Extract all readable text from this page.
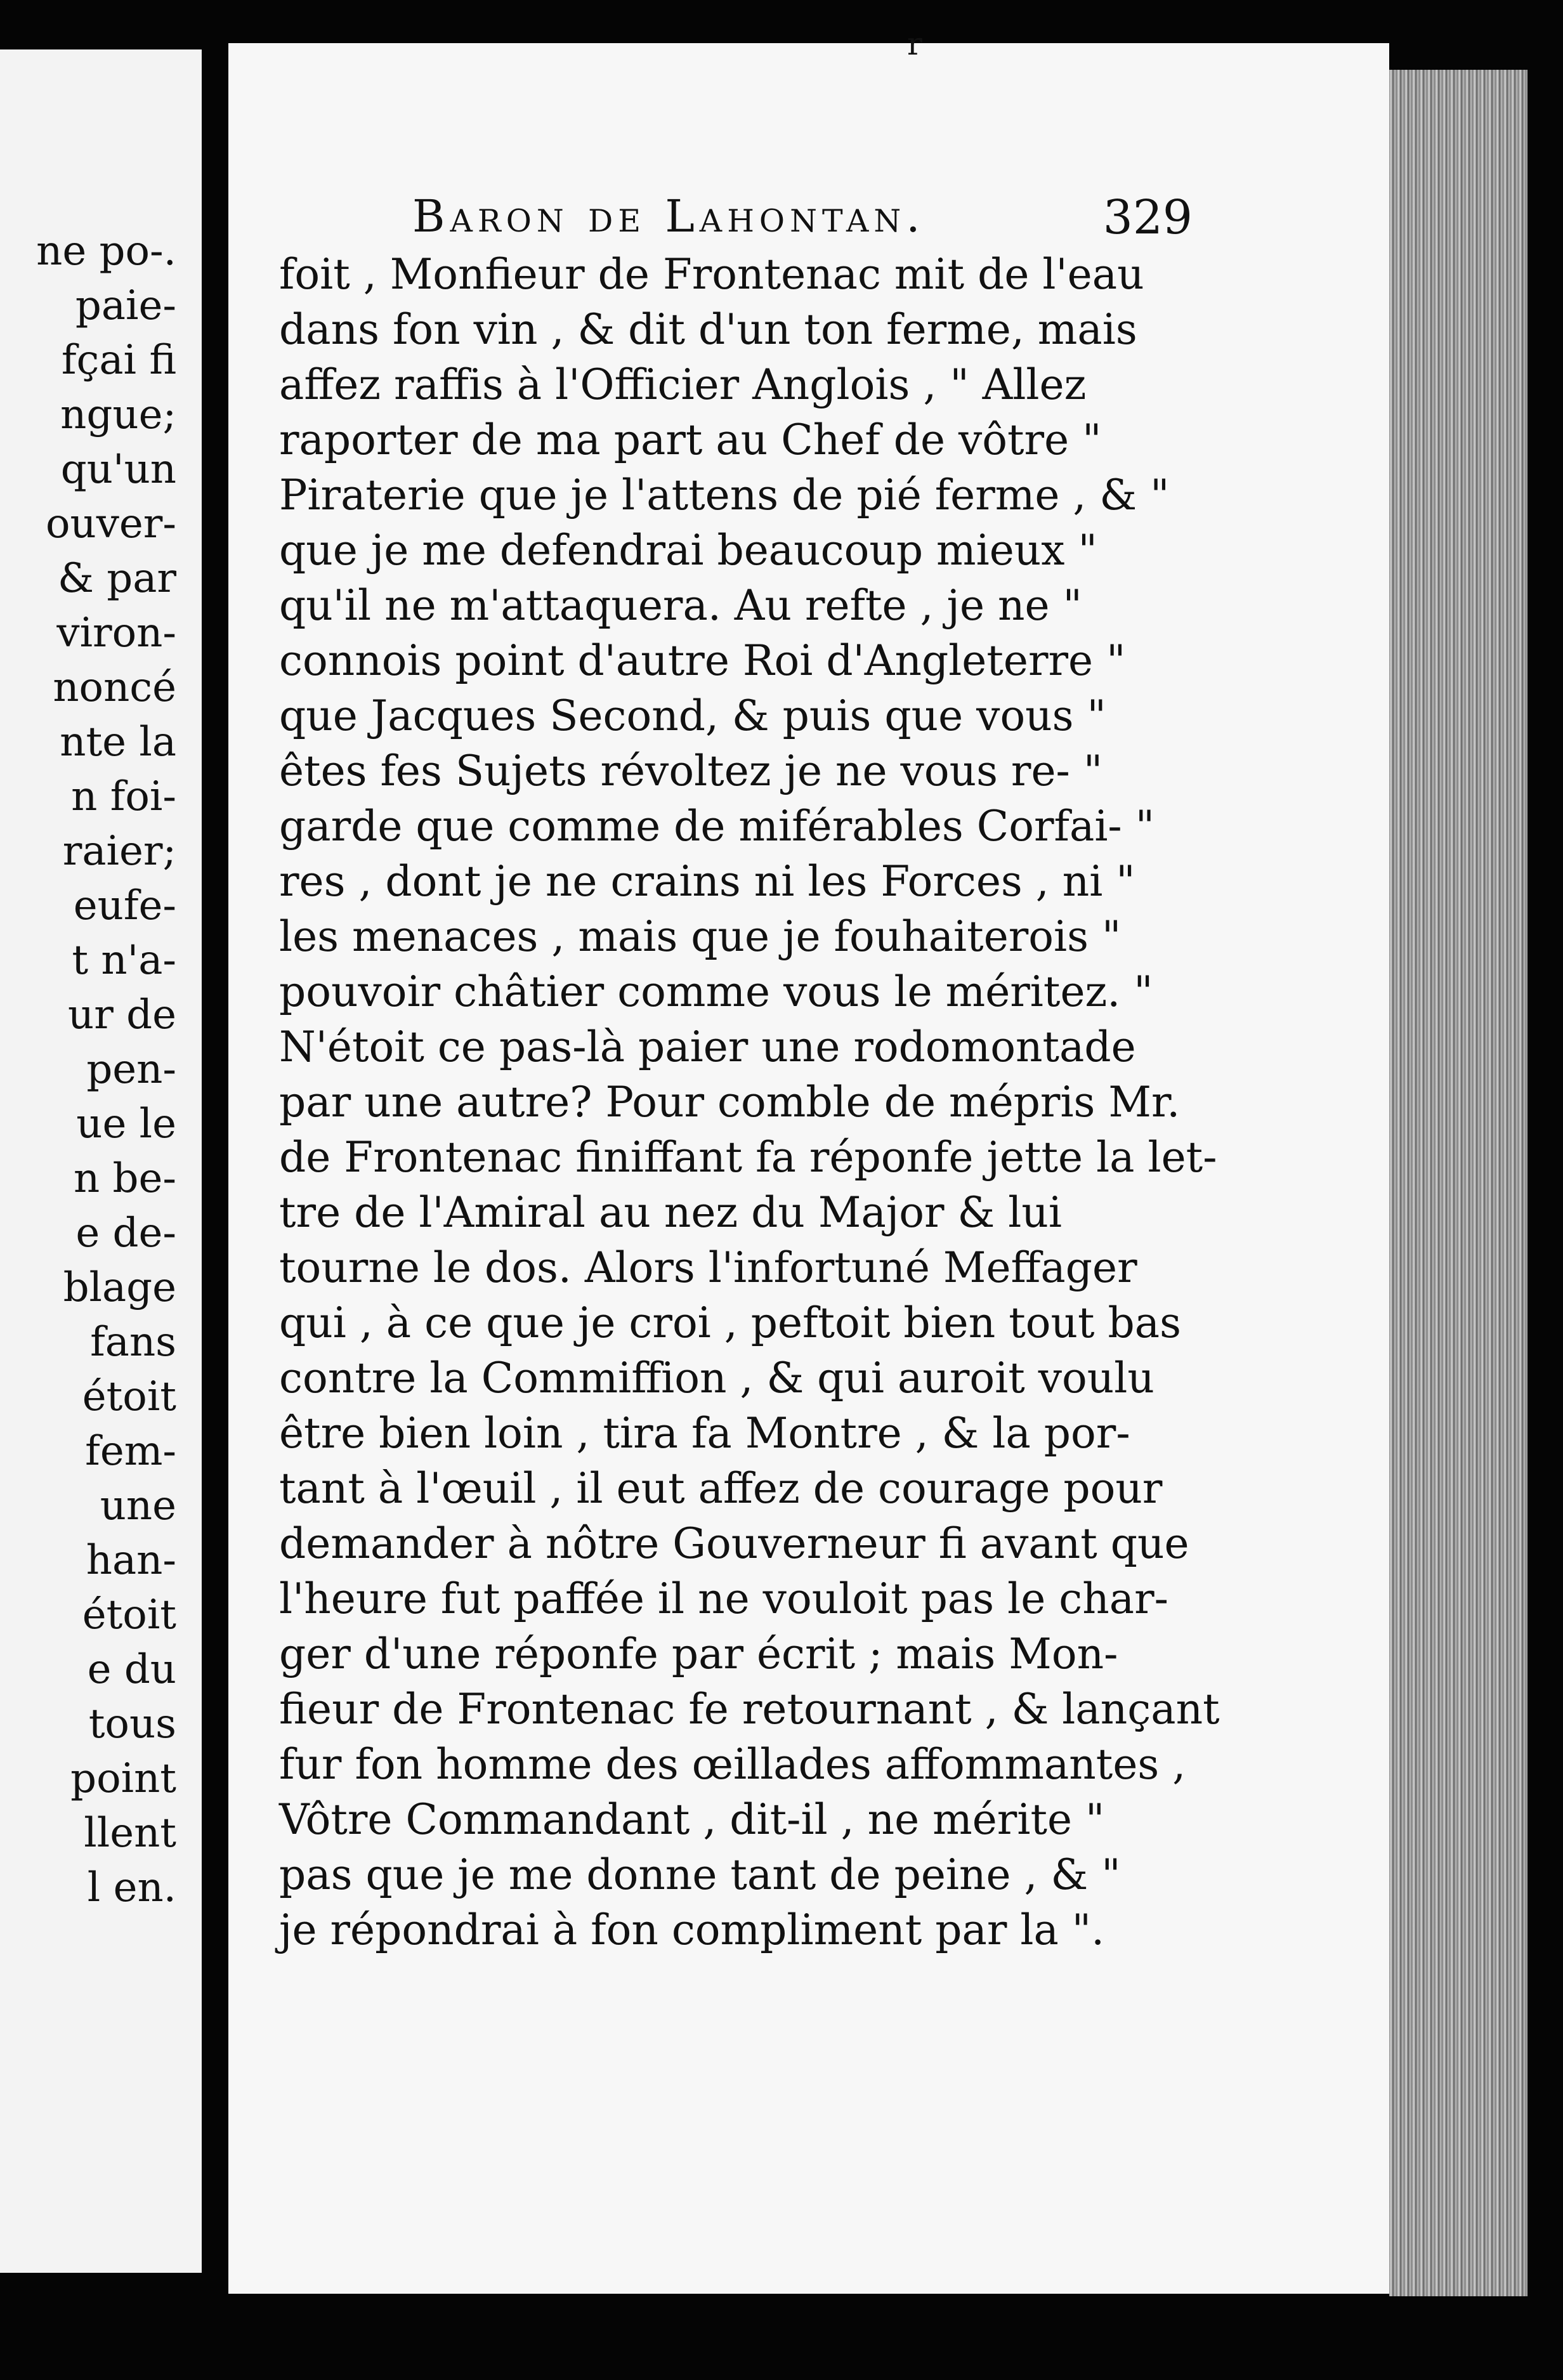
ne po-.
paie-
fçai fi
ngue;
qu'un
ouver-
& par
viron-
noncé
nte la
n foi-
raier;
eufe-
t n'a-
ur de
pen-
ue le
n be-
e de-
blage
fans
étoit
fem-
une
han-
étoit
e du
tous
point
llent
l en.
r
Baron de Lahontan.	329
foit , Monfieur de Frontenac mit de l'eau
dans fon vin , & dit d'un ton ferme, mais
affez raffis à l'Officier Anglois , " Allez
raporter de ma part au Chef de vôtre "
Piraterie que je l'attens de pié ferme , & "
que je me defendrai beaucoup mieux "
qu'il ne m'attaquera. Au refte , je ne "
connois point d'autre Roi d'Angleterre "
que Jacques Second, & puis que vous "
êtes fes Sujets révoltez je ne vous re- "
garde que comme de miférables Corfai- "
res , dont je ne crains ni les Forces , ni "
les menaces , mais que je fouhaiterois "
pouvoir châtier comme vous le méritez. "
N'étoit ce pas-là paier une rodomontade
par une autre? Pour comble de mépris Mr.
de Frontenac finiffant fa réponfe jette la let-
tre de l'Amiral au nez du Major & lui
tourne le dos. Alors l'infortuné Meffager
qui , à ce que je croi , peftoit bien tout bas
contre la Commiffion , & qui auroit voulu
être bien loin , tira fa Montre , & la por-
tant à l'œuil , il eut affez de courage pour
demander à nôtre Gouverneur fi avant que
l'heure fut paffée il ne vouloit pas le char-
ger d'une réponfe par écrit ; mais Mon-
fieur de Frontenac fe retournant , & lançant
fur fon homme des œillades affommantes ,
Vôtre Commandant , dit-il , ne mérite "
pas que je me donne tant de peine , & "
je répondrai à fon compliment par la ".
